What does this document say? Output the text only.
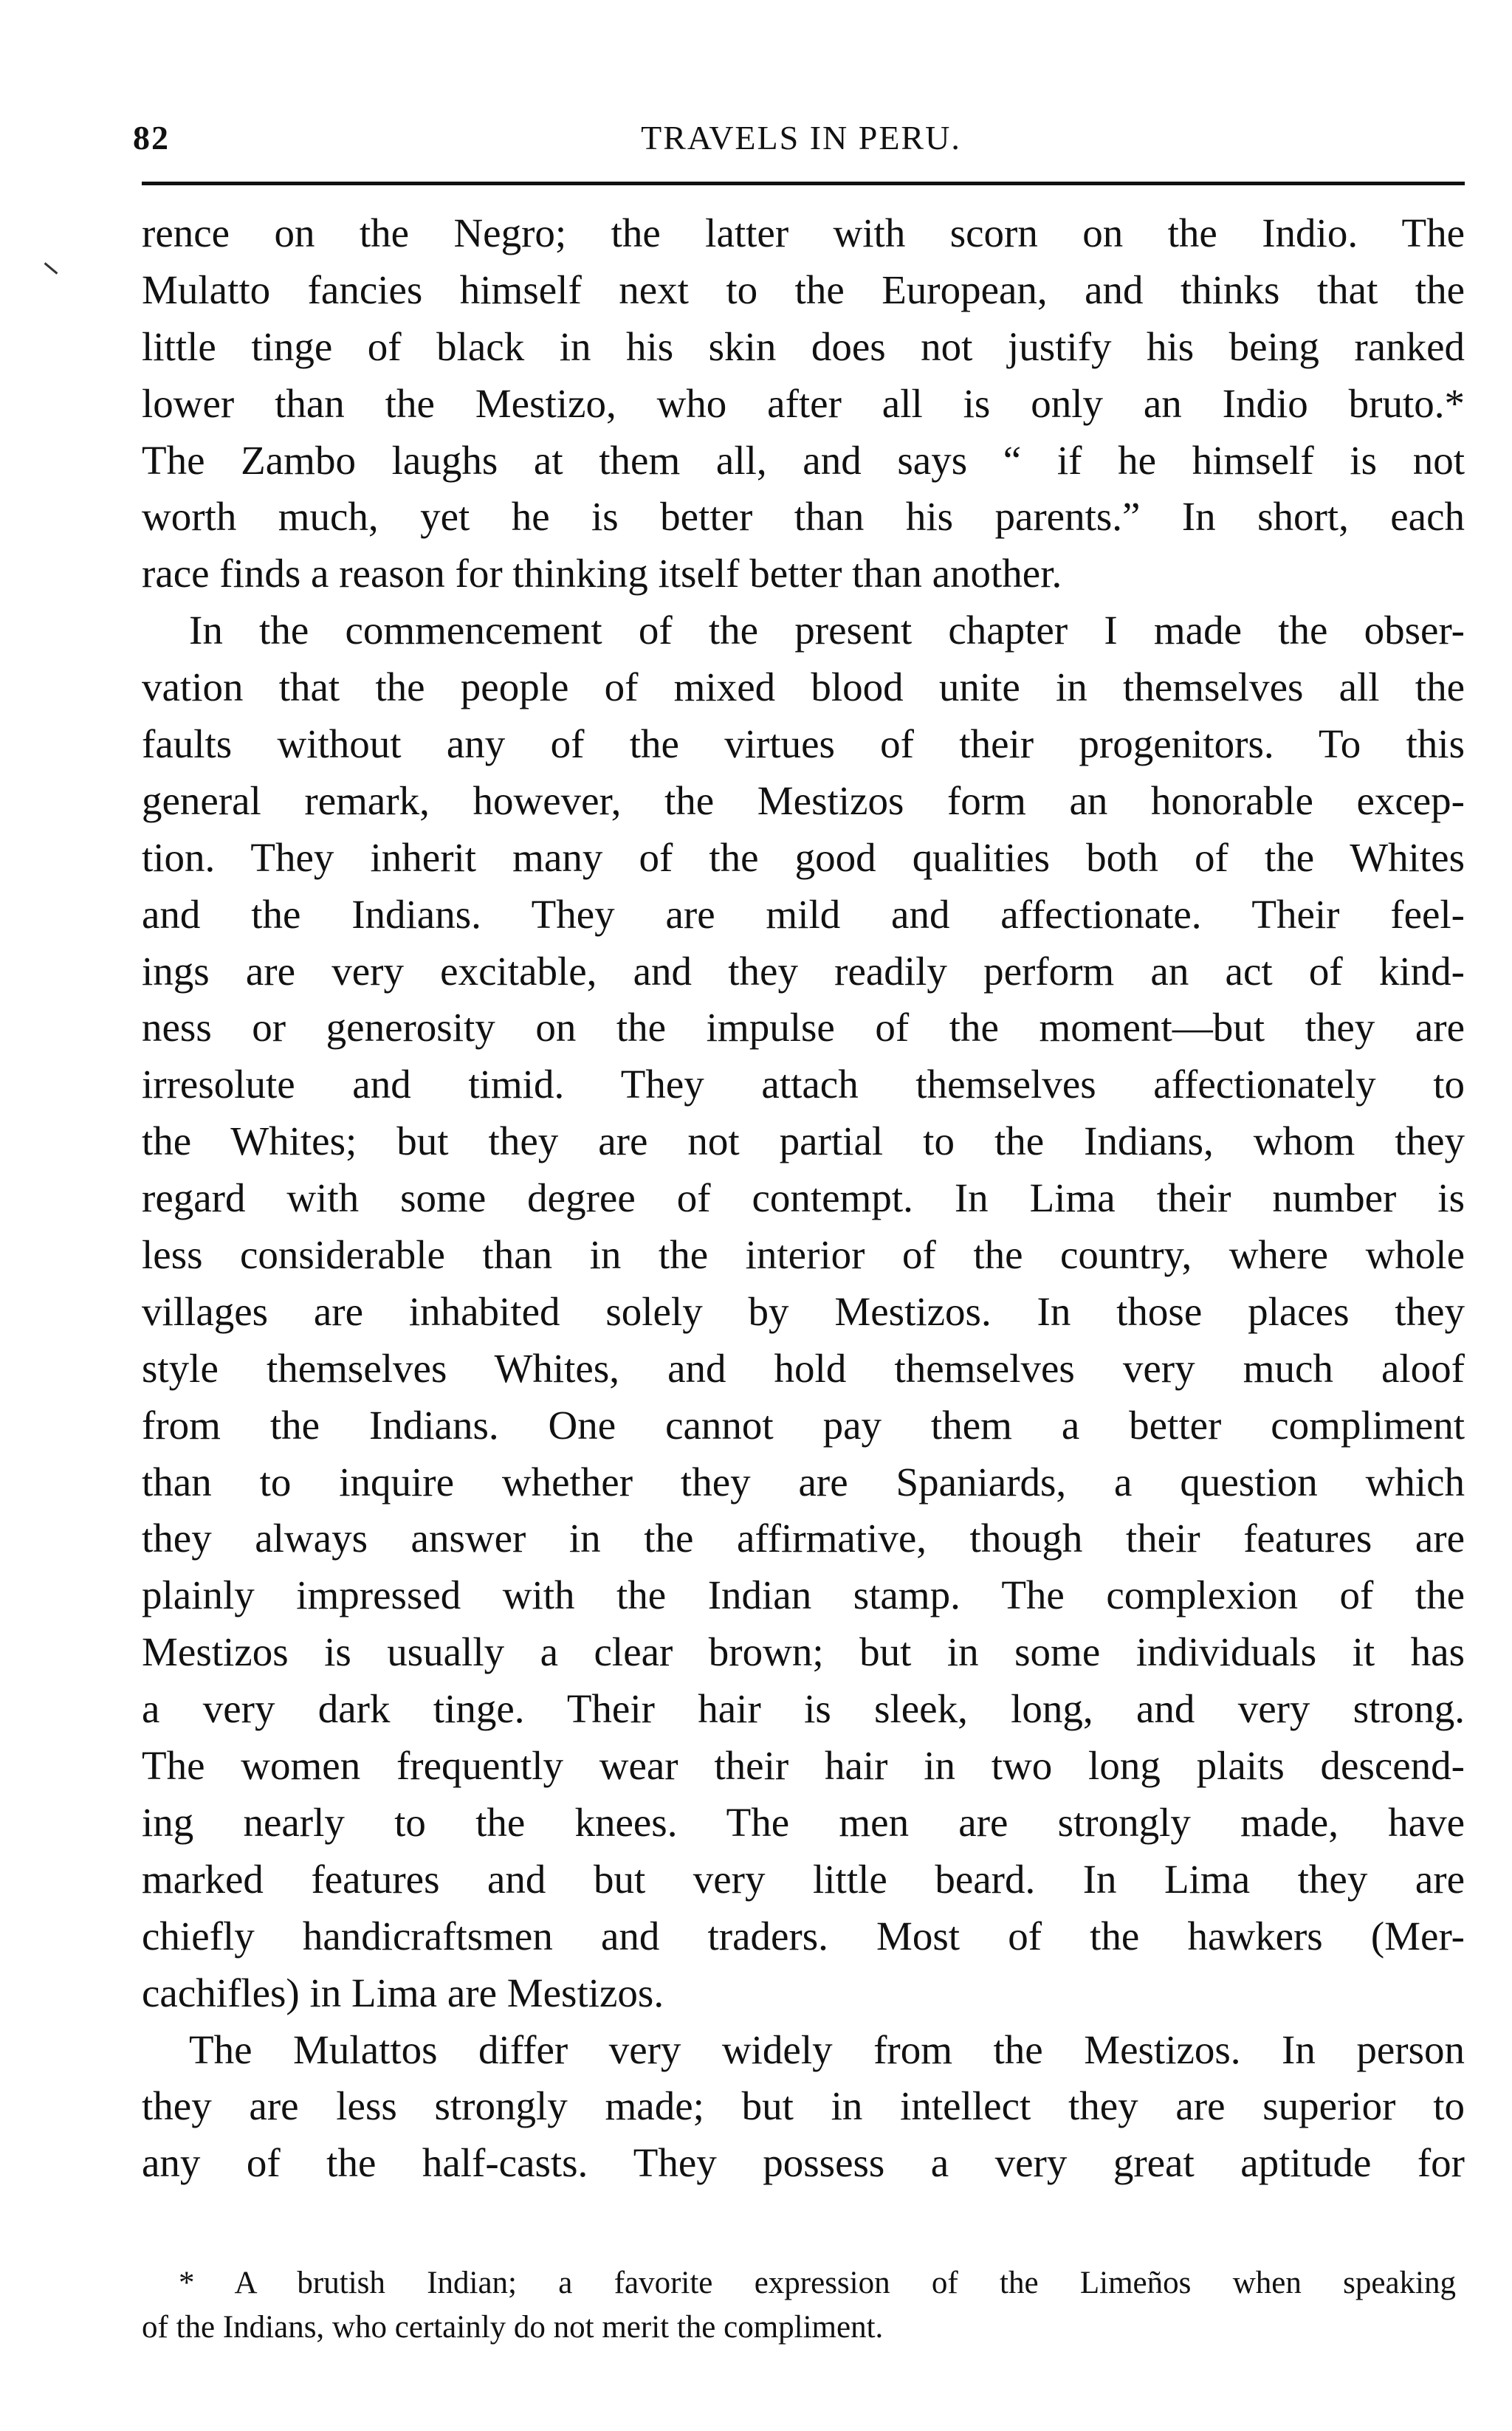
82	TRAVELS IN PERU.
rence on the Negro; the latter with scorn on the Indio. The
Mulatto fancies himself next to the European, and thinks that the
little tinge of black in his skin does not justify his being ranked
lower than the Mestizo, who after all is only an Indio bruto.*
The Zambo laughs at them all, and says “ if he himself is not
worth much, yet he is better than his parents.” In short, each
race finds a reason for thinking itself better than another.
In the commencement of the present chapter I made the obser-
vation that the people of mixed blood unite in themselves all the
faults without any of the virtues of their progenitors. To this
general remark, however, the Mestizos form an honorable excep-
tion. They inherit many of the good qualities both of the Whites
and the Indians. They are mild and affectionate. Their feel-
ings are very excitable, and they readily perform an act of kind-
ness or generosity on the impulse of the moment—but they are
irresolute and timid. They attach themselves affectionately to
the Whites; but they are not partial to the Indians, whom they
regard with some degree of contempt. In Lima their number is
less considerable than in the interior of the country, where whole
villages are inhabited solely by Mestizos. In those places they
style themselves Whites, and hold themselves very much aloof
from the Indians. One cannot pay them a better compliment
than to inquire whether they are Spaniards, a question which
they always answer in the affirmative, though their features are
plainly impressed with the Indian stamp. The complexion of the
Mestizos is usually a clear brown; but in some individuals it has
a very dark tinge. Their hair is sleek, long, and very strong.
The women frequently wear their hair in two long plaits descend-
ing nearly to the knees. The men are strongly made, have
marked features and but very little beard. In Lima they are
chiefly handicraftsmen and traders. Most of the hawkers (Mer-
cachifles) in Lima are Mestizos.
The Mulattos differ very widely from the Mestizos. In person
they are less strongly made; but in intellect they are superior to
any of the half-casts. They possess a very great aptitude for
* A brutish Indian; a favorite expression of the Limeños when speaking
of the Indians, who certainly do not merit the compliment.
